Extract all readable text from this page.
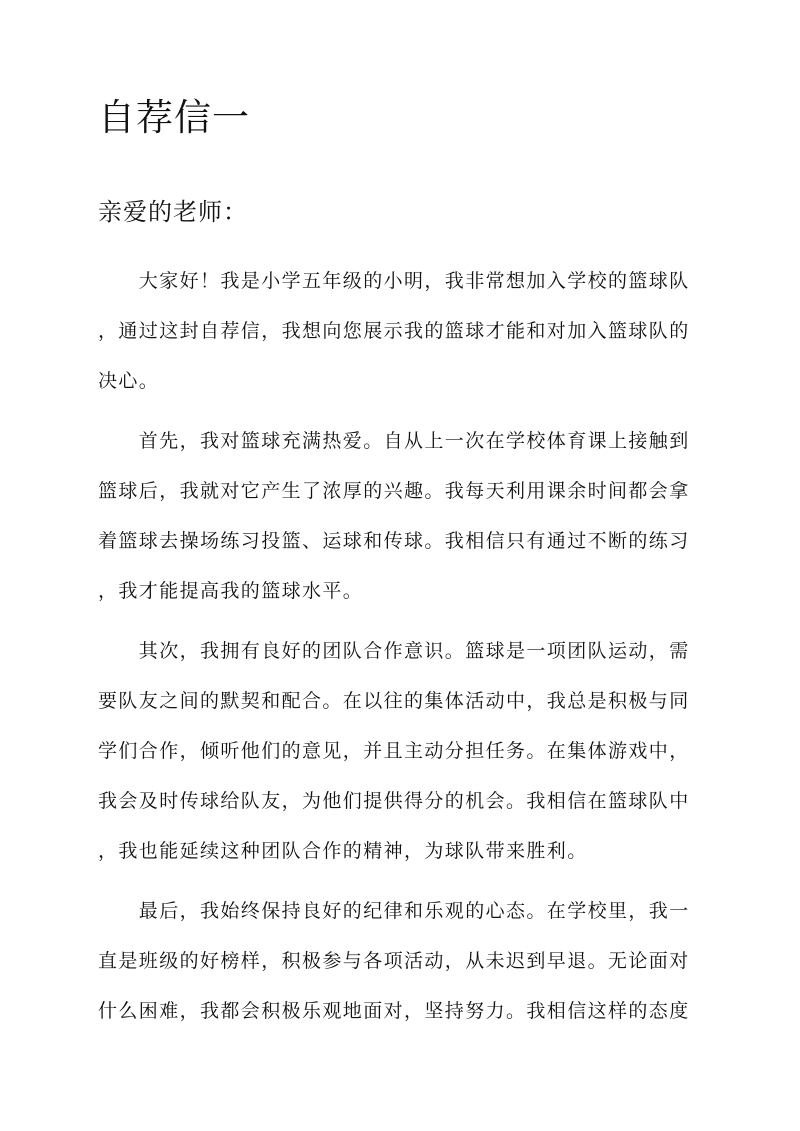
自荐信一
亲爱的老师：

　　大家好！我是小学五年级的小明，我非常想加入学校的篮球队

，通过这封自荐信，我想向您展示我的篮球才能和对加入篮球队的

决心。

　　首先，我对篮球充满热爱。自从上一次在学校体育课上接触到

篮球后，我就对它产生了浓厚的兴趣。我每天利用课余时间都会拿

着篮球去操场练习投篮、运球和传球。我相信只有通过不断的练习

，我才能提高我的篮球水平。

　　其次，我拥有良好的团队合作意识。篮球是一项团队运动，需

要队友之间的默契和配合。在以往的集体活动中，我总是积极与同

学们合作，倾听他们的意见，并且主动分担任务。在集体游戏中，

我会及时传球给队友，为他们提供得分的机会。我相信在篮球队中

，我也能延续这种团队合作的精神，为球队带来胜利。

　　最后，我始终保持良好的纪律和乐观的心态。在学校里，我一

直是班级的好榜样，积极参与各项活动，从未迟到早退。无论面对

什么困难，我都会积极乐观地面对，坚持努力。我相信这样的态度
